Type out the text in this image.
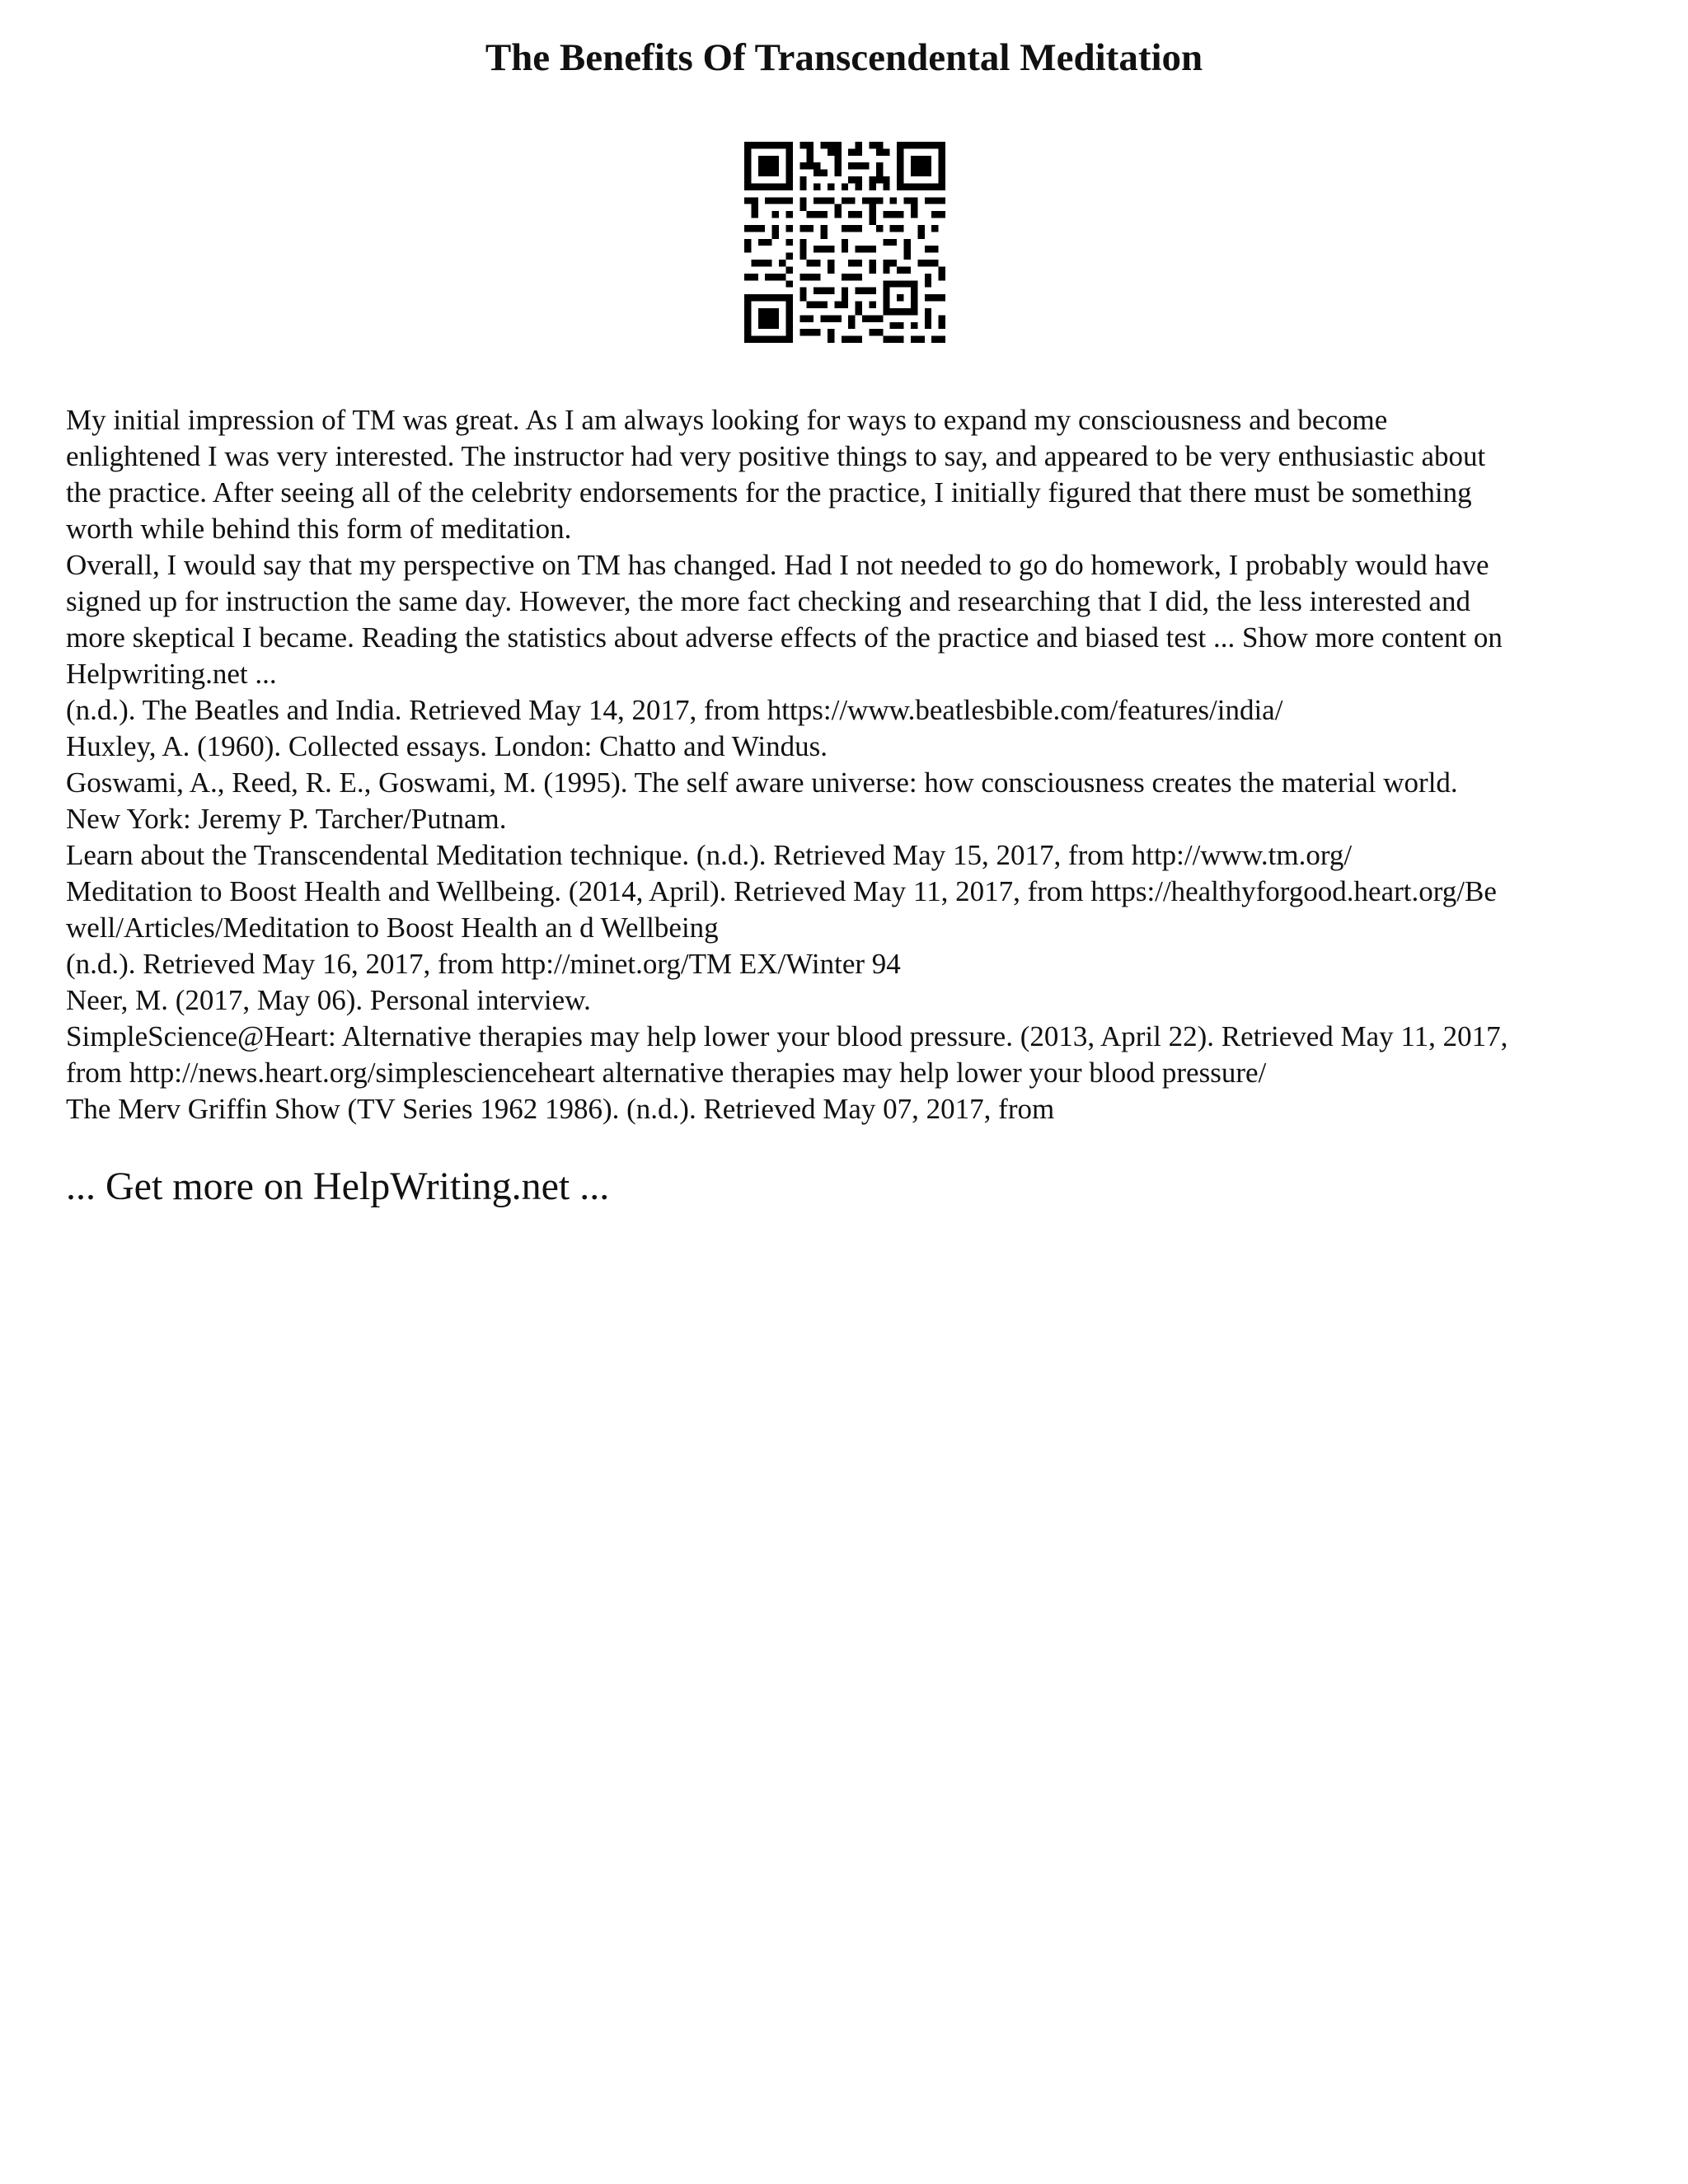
The Benefits Of Transcendental Meditation

My initial impression of TM was great. As I am always looking for ways to expand my consciousness and become
enlightened I was very interested. The instructor had very positive things to say, and appeared to be very enthusiastic about
the practice. After seeing all of the celebrity endorsements for the practice, I initially figured that there must be something
worth while behind this form of meditation.

Overall, I would say that my perspective on TM has changed. Had I not needed to go do homework, I probably would have
signed up for instruction the same day. However, the more fact checking and researching that I did, the less interested and
more skeptical I became. Reading the statistics about adverse effects of the practice and biased test ... Show more content on
Helpwriting.net ...

(n.d.). The Beatles and India. Retrieved May 14, 2017, from https://www.beatlesbible.com/features/india/

Huxley, A. (1960). Collected essays. London: Chatto and Windus.

Goswami, A., Reed, R. E., Goswami, M. (1995). The self aware universe: how consciousness creates the material world.
New York: Jeremy P. Tarcher/Putnam.

Learn about the Transcendental Meditation technique. (n.d.). Retrieved May 15, 2017, from http://www.tm.org/

Meditation to Boost Health and Wellbeing. (2014, April). Retrieved May 11, 2017, from https://healthyforgood.heart.org/Be
well/Articles/Meditation to Boost Health an d Wellbeing

(n.d.). Retrieved May 16, 2017, from http://minet.org/TM EX/Winter 94

Neer, M. (2017, May 06). Personal interview.

SimpleScience@Heart: Alternative therapies may help lower your blood pressure. (2013, April 22). Retrieved May 11, 2017,
from http://news.heart.org/simplescienceheart alternative therapies may help lower your blood pressure/

The Merv Griffin Show (TV Series 1962 1986). (n.d.). Retrieved May 07, 2017, from

... Get more on HelpWriting.net ...
